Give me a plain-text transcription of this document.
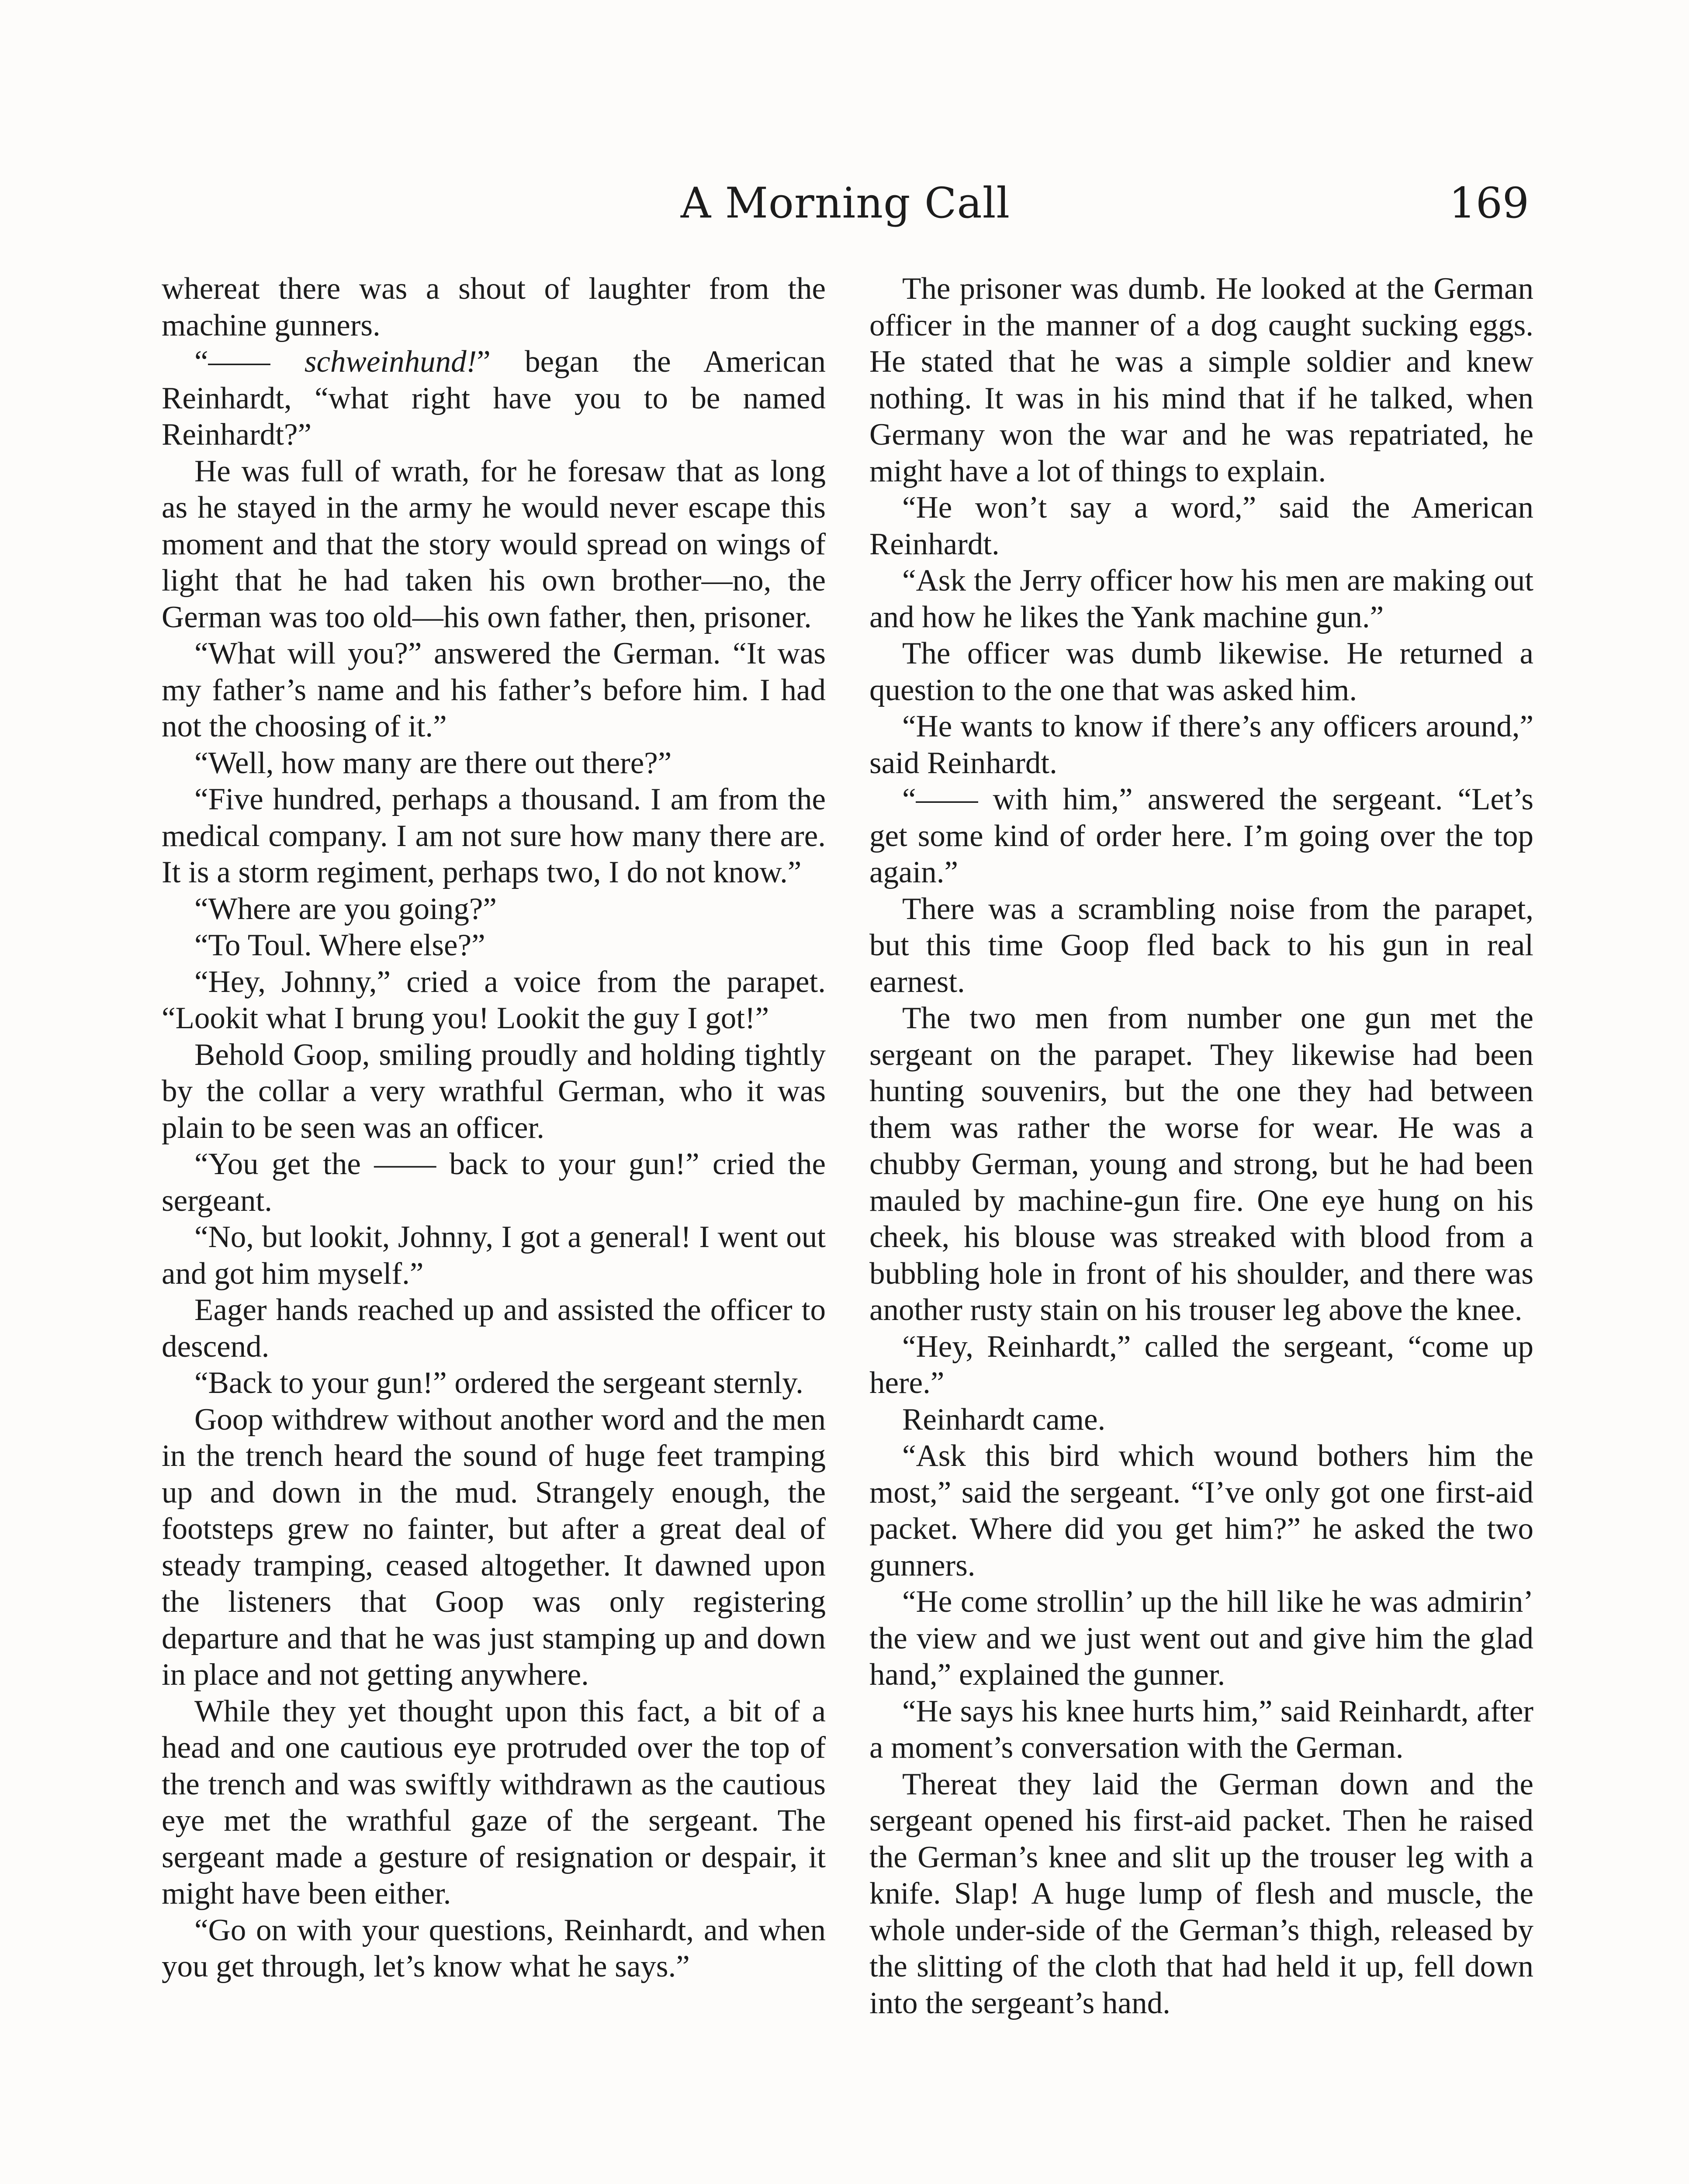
A Morning Call	169

whereat there was a shout of laughter from the machine gunners.

“—— schweinhund!” began the American Reinhardt, “what right have you to be named Reinhardt?”

He was full of wrath, for he foresaw that as long as he stayed in the army he would never escape this moment and that the story would spread on wings of light that he had taken his own brother—no, the German was too old—his own father, then, prisoner.

“What will you?” answered the German. “It was my father’s name and his father’s before him. I had not the choosing of it.”

“Well, how many are there out there?”

“Five hundred, perhaps a thousand. I am from the medical company. I am not sure how many there are. It is a storm regiment, perhaps two, I do not know.”

“Where are you going?”

“To Toul. Where else?”

“Hey, Johnny,” cried a voice from the parapet. “Lookit what I brung you! Lookit the guy I got!”

Behold Goop, smiling proudly and holding tightly by the collar a very wrathful German, who it was plain to be seen was an officer.

“You get the —— back to your gun!” cried the sergeant.

“No, but lookit, Johnny, I got a general! I went out and got him myself.”

Eager hands reached up and assisted the officer to descend.

“Back to your gun!” ordered the sergeant sternly.

Goop withdrew without another word and the men in the trench heard the sound of huge feet tramping up and down in the mud. Strangely enough, the footsteps grew no fainter, but after a great deal of steady tramping, ceased altogether. It dawned upon the listeners that Goop was only registering departure and that he was just stamping up and down in place and not getting anywhere.

While they yet thought upon this fact, a bit of a head and one cautious eye protruded over the top of the trench and was swiftly withdrawn as the cautious eye met the wrathful gaze of the sergeant. The sergeant made a gesture of resignation or despair, it might have been either.

“Go on with your questions, Reinhardt, and when you get through, let’s know what he says.”

The prisoner was dumb. He looked at the German officer in the manner of a dog caught sucking eggs. He stated that he was a simple soldier and knew nothing. It was in his mind that if he talked, when Germany won the war and he was repatriated, he might have a lot of things to explain.

“He won’t say a word,” said the American Reinhardt.

“Ask the Jerry officer how his men are making out and how he likes the Yank machine gun.”

The officer was dumb likewise. He returned a question to the one that was asked him.

“He wants to know if there’s any officers around,” said Reinhardt.

“—— with him,” answered the sergeant. “Let’s get some kind of order here. I’m going over the top again.”

There was a scrambling noise from the parapet, but this time Goop fled back to his gun in real earnest.

The two men from number one gun met the sergeant on the parapet. They likewise had been hunting souvenirs, but the one they had between them was rather the worse for wear. He was a chubby German, young and strong, but he had been mauled by machine-gun fire. One eye hung on his cheek, his blouse was streaked with blood from a bubbling hole in front of his shoulder, and there was another rusty stain on his trouser leg above the knee.

“Hey, Reinhardt,” called the sergeant, “come up here.”

Reinhardt came.

“Ask this bird which wound bothers him the most,” said the sergeant. “I’ve only got one first-aid packet. Where did you get him?” he asked the two gunners.

“He come strollin’ up the hill like he was admirin’ the view and we just went out and give him the glad hand,” explained the gunner.

“He says his knee hurts him,” said Reinhardt, after a moment’s conversation with the German.

Thereat they laid the German down and the sergeant opened his first-aid packet. Then he raised the German’s knee and slit up the trouser leg with a knife. Slap! A huge lump of flesh and muscle, the whole under-side of the German’s thigh, released by the slitting of the cloth that had held it up, fell down into the sergeant’s hand.
